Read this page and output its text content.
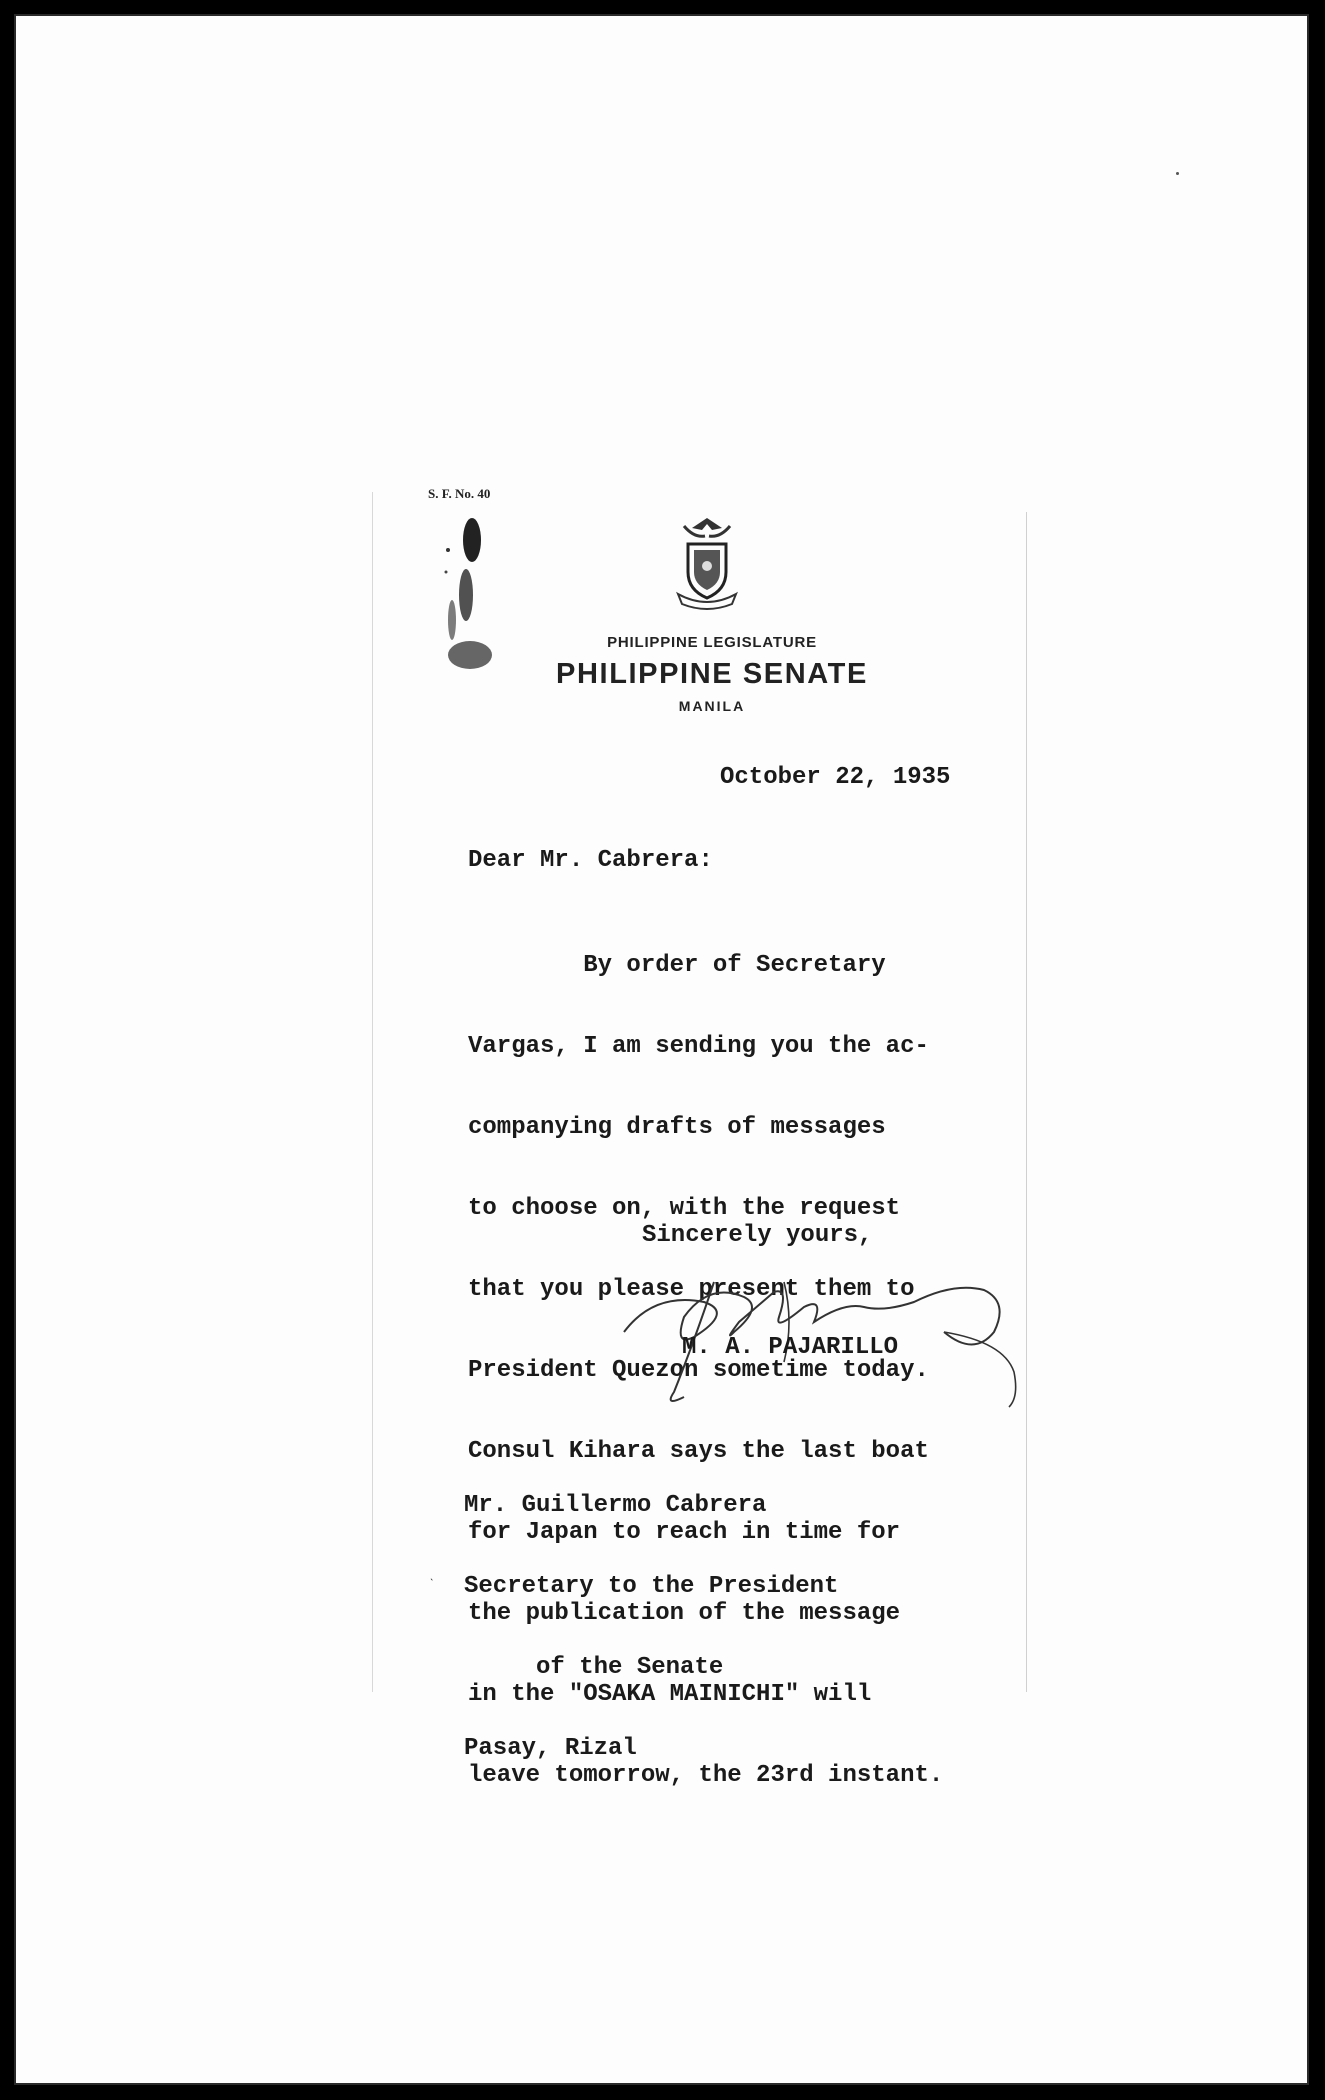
S. F. No. 40
PHILIPPINE LEGISLATURE
PHILIPPINE SENATE
MANILA
October 22, 1935
Dear Mr. Cabrera:

By order of Secretary

Vargas, I am sending you the ac-

companying drafts of messages

to choose on, with the request

that you please present them to

President Quezon sometime today.

Consul Kihara says the last boat

for Japan to reach in time for

the publication of the message

in the "OSAKA MAINICHI" will

leave tomorrow, the 23rd instant.

Sincerely yours,
M. A. PAJARILLO

Mr. Guillermo Cabrera

Secretary to the President

of the Senate

Pasay, Rizal

ˎ
